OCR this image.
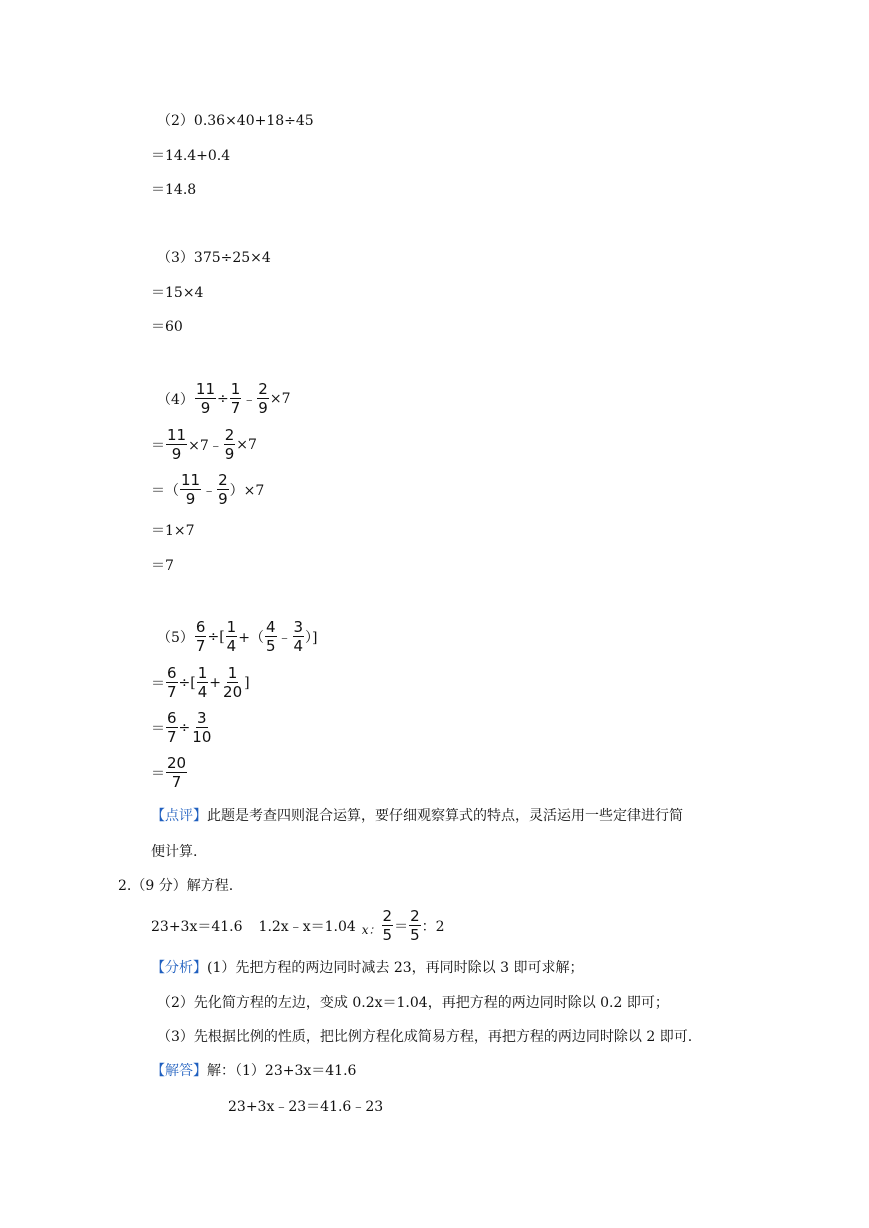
（2）0.36×40+18÷45
＝14.4+0.4
＝14.8
（3）375÷25×4
＝15×4
＝60
$(4) \frac{11}{9} \div \frac{1}{7}$ ﹣ $\frac{2}{9} \times 7$
＝ $\frac{11}{9}$ ×7﹣ $\frac{2}{9} \times 7$
＝（ $\frac{11}{9}$ ﹣ $\frac{2}{9} )\times 7$
＝1×7
＝7
$(5) \frac{6}{7}$ ÷[ $\frac{1}{4}$ +（ $\frac{4}{5}$ ﹣ $\frac{3}{4}$ ）]
＝ $\frac{6}{7}$ ÷[ $\frac{1}{4} + \frac{1}{20}$ ]
＝ $\frac{6}{7} \div \frac{3}{10}$
＝ $\frac{20}{7}$
【点评】此题是考查四则混合运算，要仔细观察算式的特点，灵活运用一些定律进行简
便计算.
2.（9 分）解方程.
23+3x＝41.6 1.2x﹣x＝1.04 x： $\frac{2}{5} = \frac{2}{5}$ ：2
【分析】(1）先把方程的两边同时减去 23，再同时除以 3 即可求解；
（2）先化简方程的左边，变成 0.2x＝1.04，再把方程的两边同时除以 0.2 即可；
（3）先根据比例的性质，把比例方程化成简易方程，再把方程的两边同时除以 2 即可.
【解答】解：（1）23+3x＝41.6
23+3x﹣23＝41.6﹣23
